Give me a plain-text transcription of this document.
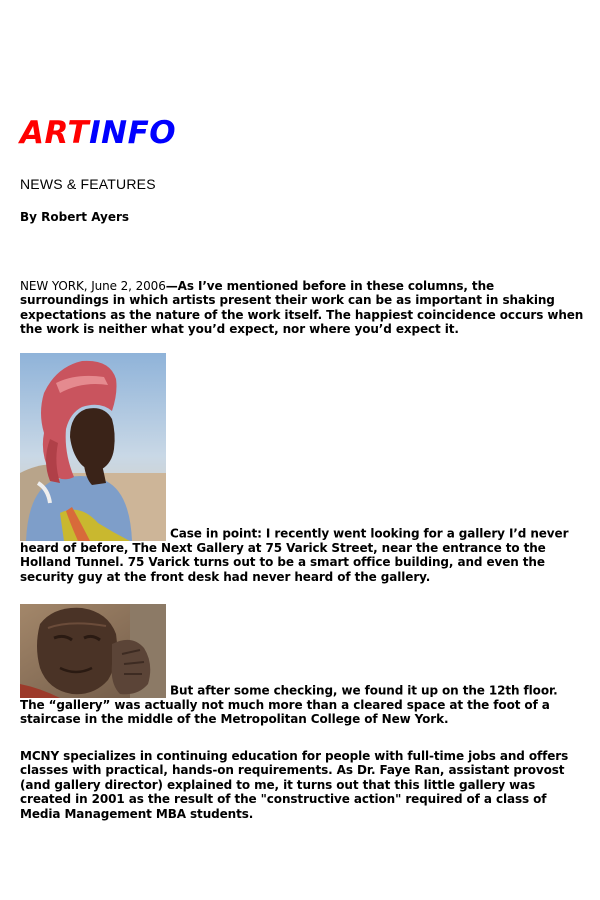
ARTINFO
NEWS & FEATURES
By Robert Ayers

NEW YORK, June 2, 2006—As I’ve mentioned before in these columns, the surroundings in which artists present their work can be as important in shaking expectations as the nature of the work itself. The happiest coincidence occurs when the work is neither what you’d expect, nor where you’d expect it.

Case in point: I recently went looking for a gallery I’d never heard of before, The Next Gallery at 75 Varick Street, near the entrance to the Holland Tunnel. 75 Varick turns out to be a smart office building, and even the security guy at the front desk had never heard of the gallery.

But after some checking, we found it up on the 12th floor. The “gallery” was actually not much more than a cleared space at the foot of a staircase in the middle of the Metropolitan College of New York.

MCNY specializes in continuing education for people with full-time jobs and offers classes with practical, hands-on requirements. As Dr. Faye Ran, assistant provost (and gallery director) explained to me, it turns out that this little gallery was created in 2001 as the result of the "constructive action" required of a class of Media Management MBA students.
